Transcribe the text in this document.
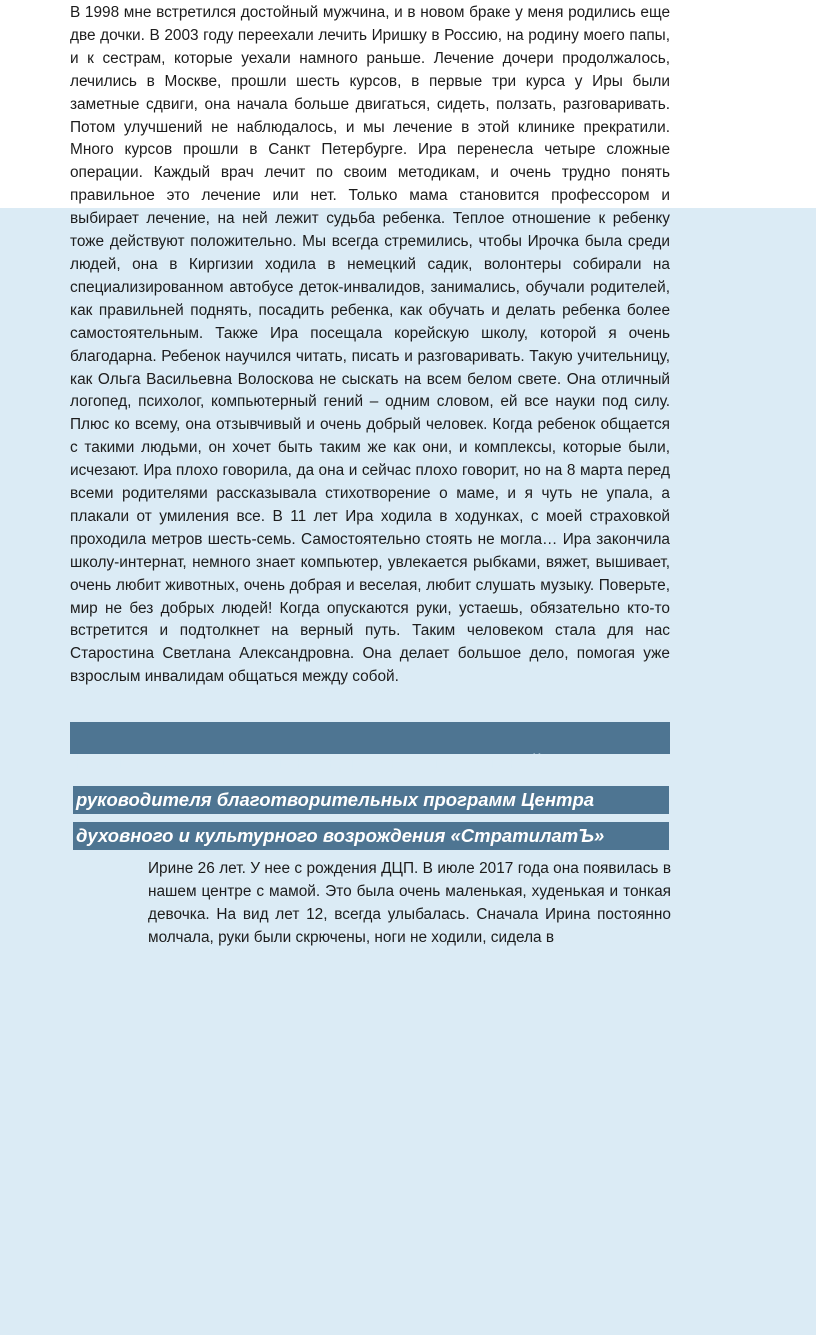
В 1998 мне встретился достойный мужчина, и в новом браке у меня родились еще две дочки. В 2003 году переехали лечить Иришку в Россию, на родину моего папы, и к сестрам, которые уехали намного раньше. Лечение дочери продолжалось, лечились в Москве, прошли шесть курсов, в первые три курса у Иры были заметные сдвиги, она начала больше двигаться, сидеть, ползать, разговаривать. Потом улучшений не наблюдалось, и мы лечение в этой клинике прекратили. Много курсов прошли в Санкт Петербурге. Ира перенесла четыре сложные операции. Каждый врач лечит по своим методикам, и очень трудно понять правильное это лечение или нет. Только мама становится профессором и выбирает лечение, на ней лежит судьба ребенка. Теплое отношение к ребенку тоже действуют положительно. Мы всегда стремились, чтобы Ирочка была среди людей, она в Киргизии ходила в немецкий садик, волонтеры собирали на специализированном автобусе деток-инвалидов, занимались, обучали родителей, как правильней поднять, посадить ребенка, как обучать и делать ребенка более самостоятельным. Также Ира посещала корейскую школу, которой я очень благодарна. Ребенок научился читать, писать и разговаривать. Такую учительницу, как Ольга Васильевна Волоскова не сыскать на всем белом свете. Она отличный логопед, психолог, компьютерный гений – одним словом, ей все науки под силу. Плюс ко всему, она отзывчивый и очень добрый человек. Когда ребенок общается с такими людьми, он хочет быть таким же как они, и комплексы, которые были, исчезают. Ира плохо говорила, да она и сейчас плохо говорит, но на 8 марта перед всеми родителями рассказывала стихотворение о маме, и я чуть не упала, а плакали от умиления все. В 11 лет Ира ходила в ходунках, с моей страховкой проходила метров шесть-семь. Самостоятельно стоять не могла… Ира закончила школу-интернат, немного знает компьютер, увлекается рыбками, вяжет, вышивает, очень любит животных, очень добрая и веселая, любит слушать музыку. Поверьте, мир не без добрых людей! Когда опускаются руки, устаешь, обязательно кто-то встретится и подтолкнет на верный путь. Таким человеком стала для нас Старостина Светлана Александровна. Она делает большое дело, помогая уже взрослым инвалидам общаться между собой.

Рассказ Светланы Александровны Старостиной

руководителя благотворительных программ Центра
духовного и культурного возрождения «СтратилатЪ»

Ирине 26 лет. У нее с рождения ДЦП. В июле 2017 года она появилась в нашем центре с мамой. Это была очень маленькая, худенькая и тонкая девочка. На вид лет 12, всегда улыбалась. Сначала Ирина постоянно молчала, руки были скрючены, ноги не ходили, сидела в
